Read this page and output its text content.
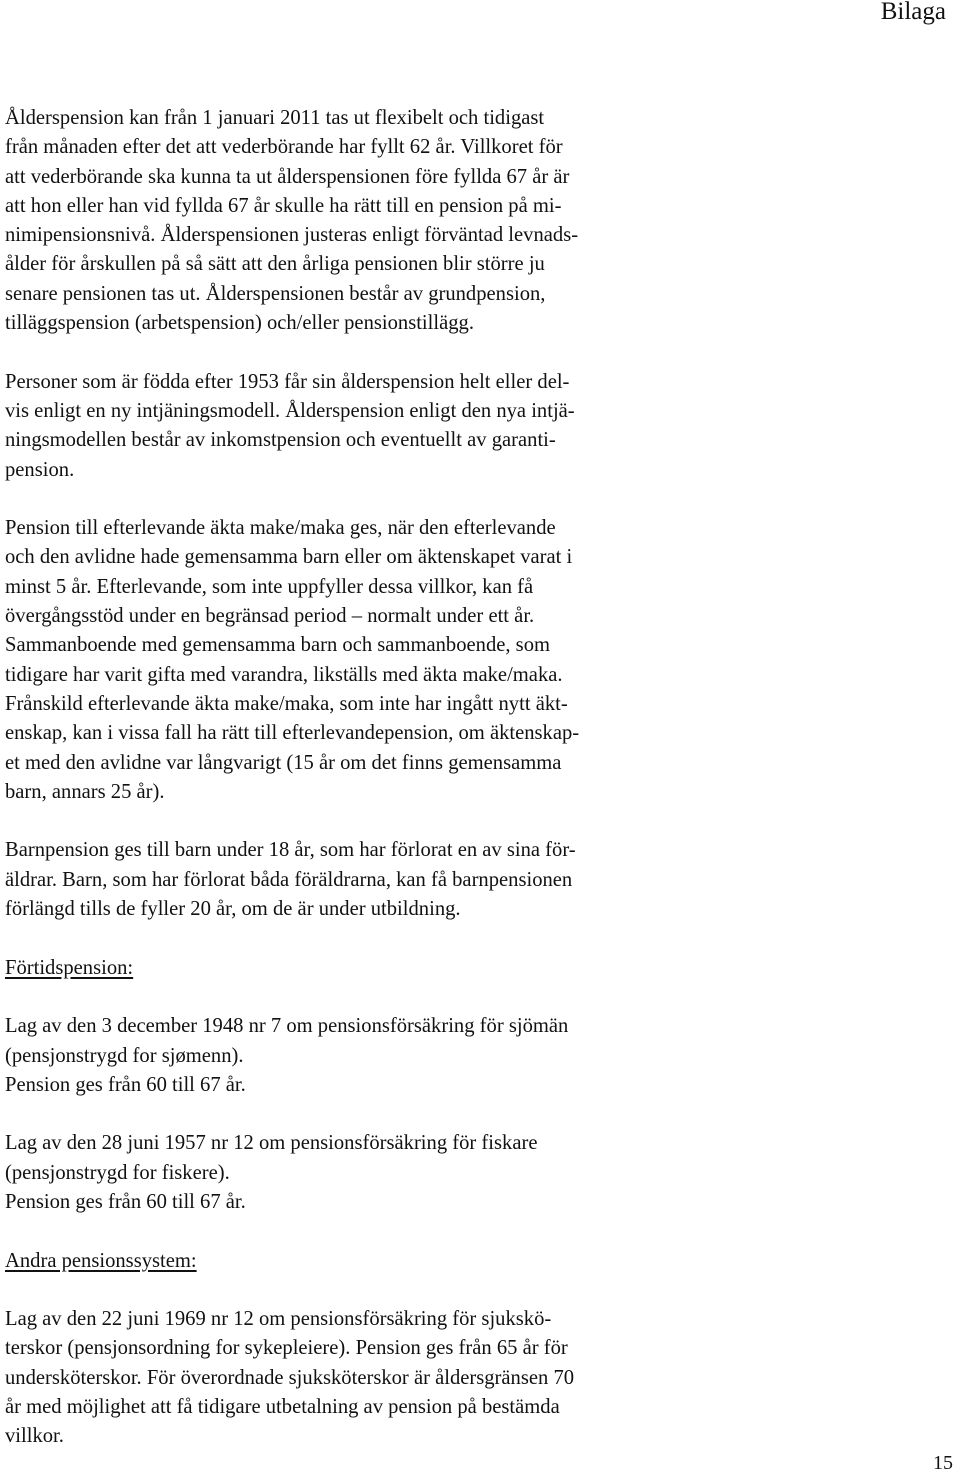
Bilaga
Ålderspension kan från 1 januari 2011 tas ut flexibelt och tidigast
från månaden efter det att vederbörande har fyllt 62 år. Villkoret för
att vederbörande ska kunna ta ut ålderspensionen före fyllda 67 år är
att hon eller han vid fyllda 67 år skulle ha rätt till en pension på mi-
nimipensionsnivå. Ålderspensionen justeras enligt förväntad levnads-
ålder för årskullen på så sätt att den årliga pensionen blir större ju
senare pensionen tas ut. Ålderspensionen består av grundpension,
tilläggspension (arbetspension) och/eller pensionstillägg.
Personer som är födda efter 1953 får sin ålderspension helt eller del-
vis enligt en ny intjäningsmodell. Ålderspension enligt den nya intjä-
ningsmodellen består av inkomstpension och eventuellt av garanti-
pension.
Pension till efterlevande äkta make/maka ges, när den efterlevande
och den avlidne hade gemensamma barn eller om äktenskapet varat i
minst 5 år. Efterlevande, som inte uppfyller dessa villkor, kan få
övergångsstöd under en begränsad period – normalt under ett år.
Sammanboende med gemensamma barn och sammanboende, som
tidigare har varit gifta med varandra, likställs med äkta make/maka.
Frånskild efterlevande äkta make/maka, som inte har ingått nytt äkt-
enskap, kan i vissa fall ha rätt till efterlevandepension, om äktenskap-
et med den avlidne var långvarigt (15 år om det finns gemensamma
barn, annars 25 år).
Barnpension ges till barn under 18 år, som har förlorat en av sina för-
äldrar. Barn, som har förlorat båda föräldrarna, kan få barnpensionen
förlängd tills de fyller 20 år, om de är under utbildning.
Förtidspension:
Lag av den 3 december 1948 nr 7 om pensionsförsäkring för sjömän
(pensjonstrygd for sjømenn).
Pension ges från 60 till 67 år.
Lag av den 28 juni 1957 nr 12 om pensionsförsäkring för fiskare
(pensjonstrygd for fiskere).
Pension ges från 60 till 67 år.
Andra pensionssystem:
Lag av den 22 juni 1969 nr 12 om pensionsförsäkring för sjukskö-
terskor (pensjonsordning for sykepleiere). Pension ges från 65 år för
undersköterskor. För överordnade sjuksköterskor är åldersgränsen 70
år med möjlighet att få tidigare utbetalning av pension på bestämda
villkor.
15
